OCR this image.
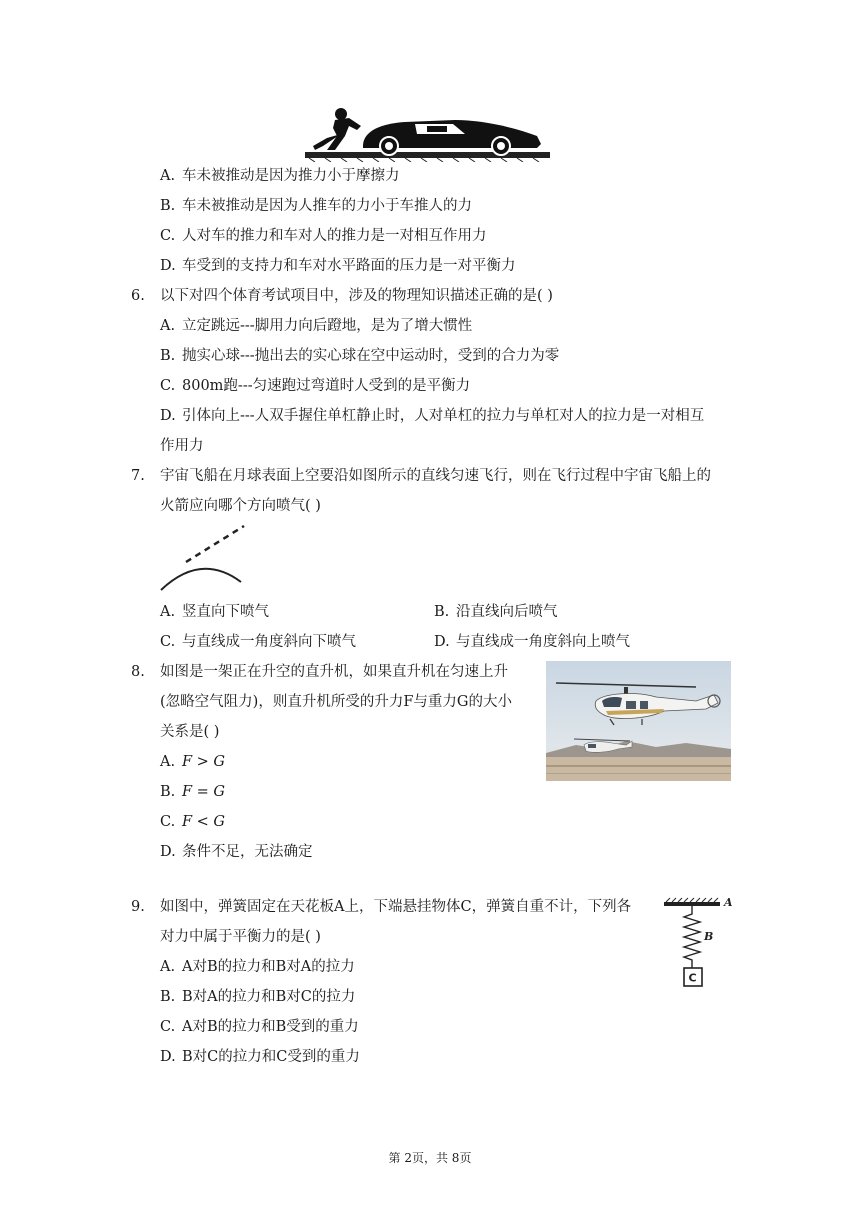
A. 车未被推动是因为推力小于摩擦力
B. 车未被推动是因为人推车的力小于车推人的力
C. 人对车的推力和车对人的推力是一对相互作用力
D. 车受到的支持力和车对水平路面的压力是一对平衡力
6. 以下对四个体育考试项目中，涉及的物理知识描述正确的是( )
A. 立定跳远---脚用力向后蹬地，是为了增大惯性
B. 抛实心球---抛出去的实心球在空中运动时，受到的合力为零
C. 800m跑---匀速跑过弯道时人受到的是平衡力
D. 引体向上---人双手握住单杠静止时，人对单杠的拉力与单杠对人的拉力是一对相互
作用力
7. 宇宙飞船在月球表面上空要沿如图所示的直线匀速飞行，则在飞行过程中宇宙飞船上的
火箭应向哪个方向喷气( )
A. 竖直向下喷气	B. 沿直线向后喷气
C. 与直线成一角度斜向下喷气	D. 与直线成一角度斜向上喷气
8. 如图是一架正在升空的直升机，如果直升机在匀速上升
(忽略空气阻力)，则直升机所受的升力F与重力G的大小
关系是( )
A. F > G
B. F = G
C. F < G
D. 条件不足，无法确定
9. 如图中，弹簧固定在天花板A上，下端悬挂物体C，弹簧自重不计，下列各
对力中属于平衡力的是( )
A. A对B的拉力和B对A的拉力
B. B对A的拉力和B对C的拉力
C. A对B的拉力和B受到的重力
D. B对C的拉力和C受到的重力
A
B
C
第 2页，共 8页
